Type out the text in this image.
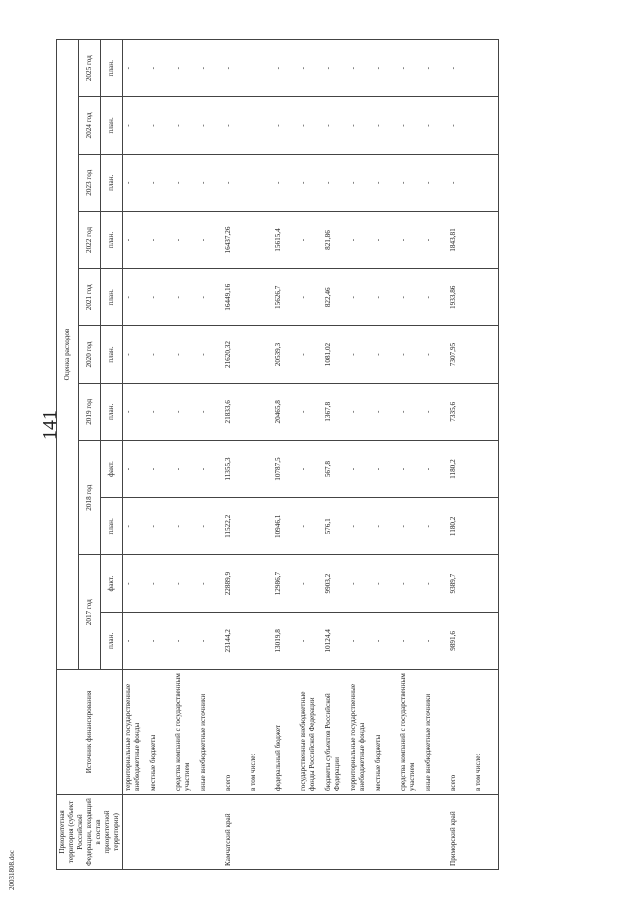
141
20031808.doc
Приоритетная территория (субъект Российской Федерации, входящий в состав приоритетной территории)	Источник финансирования	Оценка расходов										
		2017 год		2018 год		2019 год	2020 год	2021 год	2022 год	2023 год	2024 год	2025 год
		план.	факт.	план.	факт.	план.	план.	план.	план.	план.	план.	план.
	территориальные государственные внебюджетные фонды	-	-	-	-	-	-	-	-	-	-	-
	местные бюджеты	-	-	-	-	-	-	-	-	-	-	-
	средства компаний с государственным участием	-	-	-	-	-	-	-	-	-	-	-
	иные внебюджетные источники	-	-	-	-	-	-	-	-	-	-	-
Камчатский край	всего	23144,2	22889,9	11522,2	11355,3	21833,6	21620,32	16449,16	16437,26	-	-	-
	в том числе:											
	федеральный бюджет	13019,8	12986,7	10946,1	10787,5	20465,8	20539,3	15626,7	15615,4	-	-	-
	государственные внебюджетные фонды Российской Федерации	-	-	-	-	-	-	-	-	-	-	-
	бюджеты субъектов Российской Федерации	10124,4	9903,2	576,1	567,8	1367,8	1081,02	822,46	821,86	-	-	-
	территориальные государственные внебюджетные фонды	-	-	-	-	-	-	-	-	-	-	-
	местные бюджеты	-	-	-	-	-	-	-	-	-	-	-
	средства компаний с государственным участием	-	-	-	-	-	-	-	-	-	-	-
	иные внебюджетные источники	-	-	-	-	-	-	-	-	-	-	-
Приморский край	всего	9891,6	9389,7	1180,2	1180,2	7335,6	7307,95	1933,86	1843,81	-	-	-
	в том числе:											
